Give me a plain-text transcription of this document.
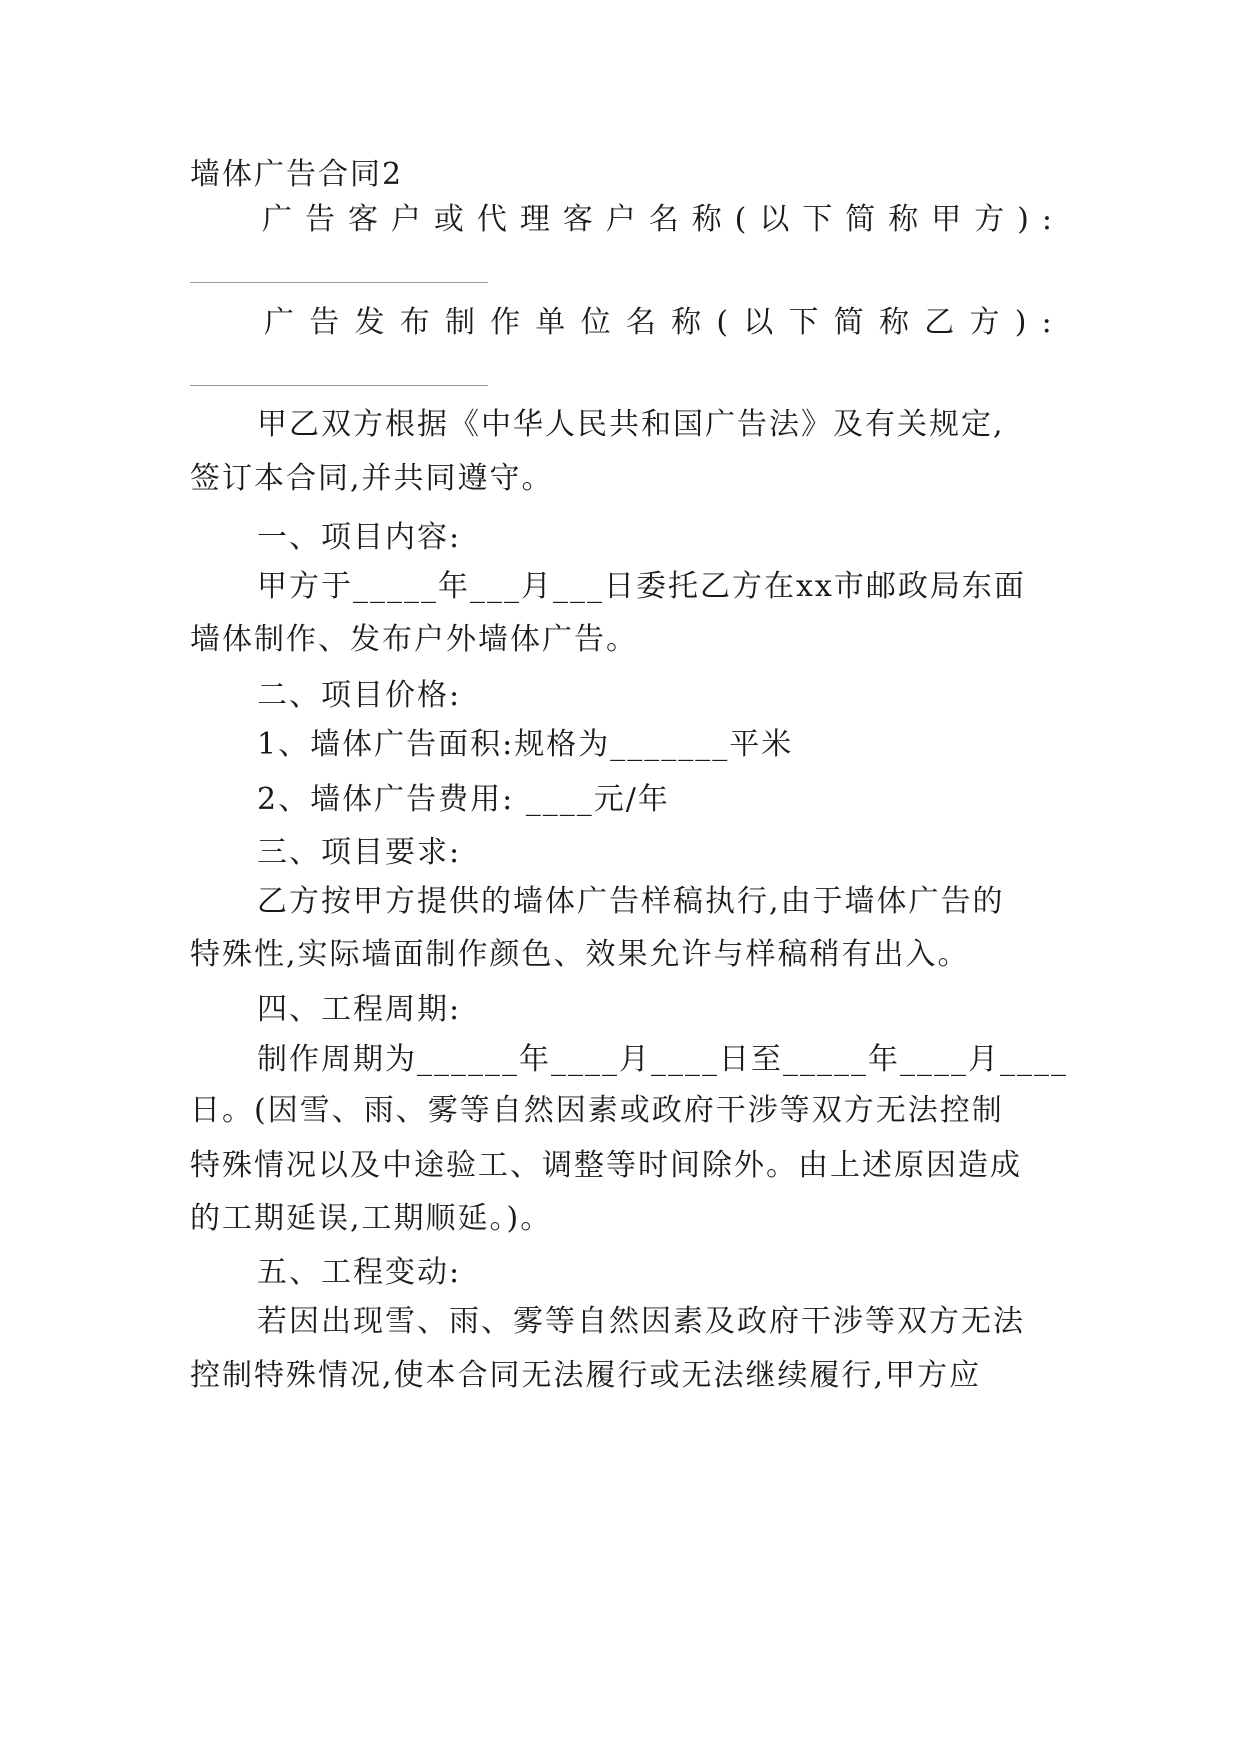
墙体广告合同2
广 告 客 户 或 代 理 客 户 名 称 ( 以 下 简 称 甲 方 ) :
广 告 发 布 制 作 单 位 名 称 ( 以 下 简 称 乙 方 ) :
甲乙双方根据《中华人民共和国广告法》及有关规定,
签订本合同,并共同遵守。
一、项目内容:
甲方于_____年___月___日委托乙方在xx市邮政局东面
墙体制作、发布户外墙体广告。
二、项目价格:
1、墙体广告面积:规格为_______平米
2、墙体广告费用: ____元/年
三、项目要求:
乙方按甲方提供的墙体广告样稿执行,由于墙体广告的
特殊性,实际墙面制作颜色、效果允许与样稿稍有出入。
四、工程周期:
制作周期为______年____月____日至_____年____月____
日。(因雪、雨、雾等自然因素或政府干涉等双方无法控制
特殊情况以及中途验工、调整等时间除外。由上述原因造成
的工期延误,工期顺延。)。
五、工程变动:
若因出现雪、雨、雾等自然因素及政府干涉等双方无法
控制特殊情况,使本合同无法履行或无法继续履行,甲方应
